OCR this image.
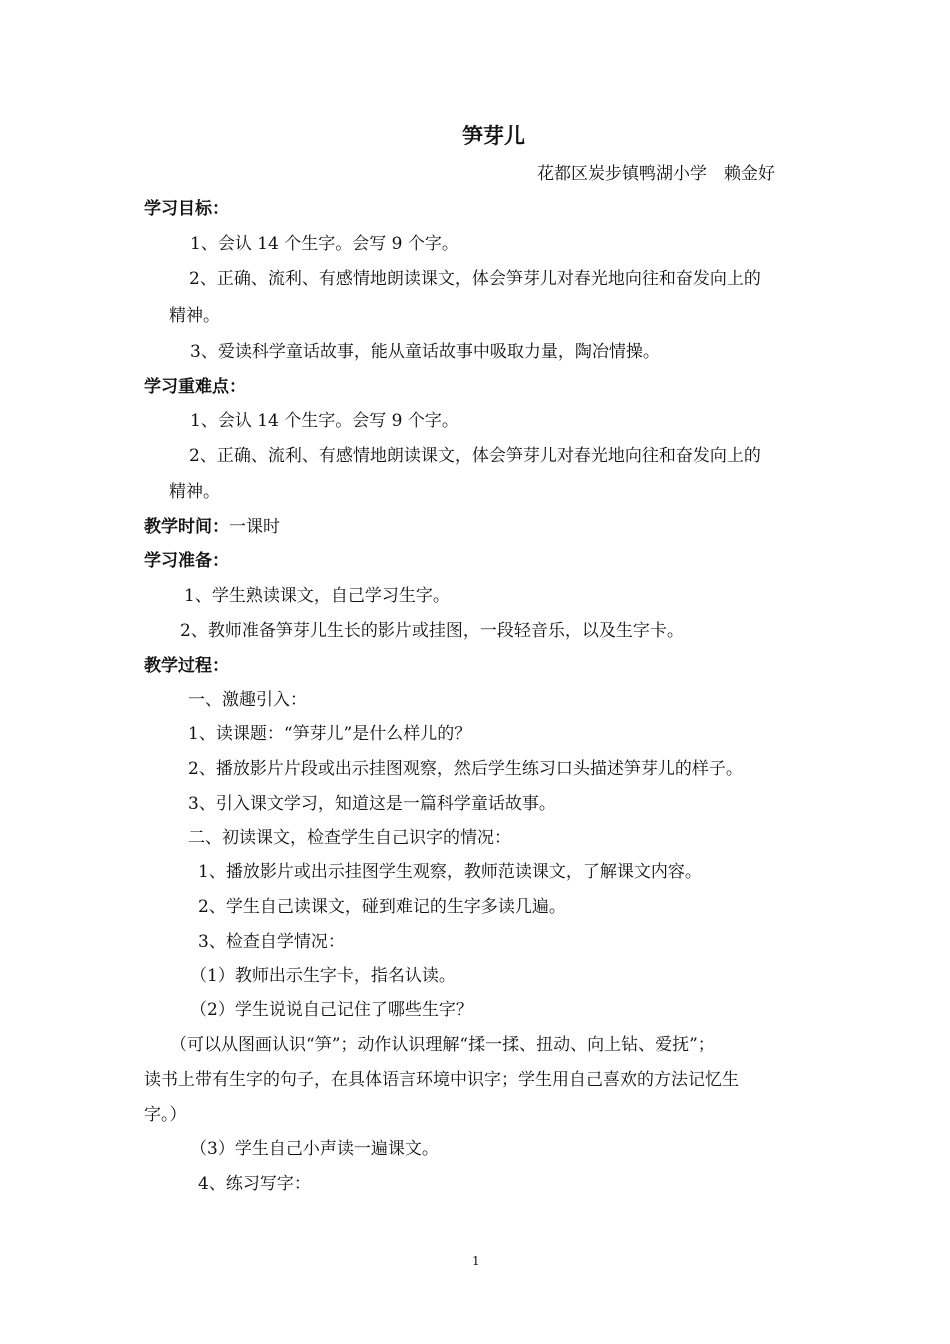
笋芽儿
花都区炭步镇鸭湖小学　赖金好
学习目标：
1、会认 14 个生字。会写 9 个字。
2、正确、流利、有感情地朗读课文，体会笋芽儿对春光地向往和奋发向上的
精神。
3、爱读科学童话故事，能从童话故事中吸取力量，陶冶情操。
学习重难点：
1、会认 14 个生字。会写 9 个字。
2、正确、流利、有感情地朗读课文，体会笋芽儿对春光地向往和奋发向上的
精神。
教学时间：一课时
学习准备：
1、学生熟读课文，自己学习生字。
2、教师准备笋芽儿生长的影片或挂图，一段轻音乐，以及生字卡。
教学过程：
一、激趣引入：
1、读课题：“笋芽儿”是什么样儿的？
2、播放影片片段或出示挂图观察，然后学生练习口头描述笋芽儿的样子。
3、引入课文学习，知道这是一篇科学童话故事。
二、初读课文，检查学生自己识字的情况：
1、播放影片或出示挂图学生观察，教师范读课文，了解课文内容。
2、学生自己读课文，碰到难记的生字多读几遍。
3、检查自学情况：
（1）教师出示生字卡，指名认读。
（2）学生说说自己记住了哪些生字？
（可以从图画认识“笋”；动作认识理解“揉一揉、扭动、向上钻、爱抚”；
读书上带有生字的句子，在具体语言环境中识字；学生用自己喜欢的方法记忆生
字。）
（3）学生自己小声读一遍课文。
4、练习写字：
1
